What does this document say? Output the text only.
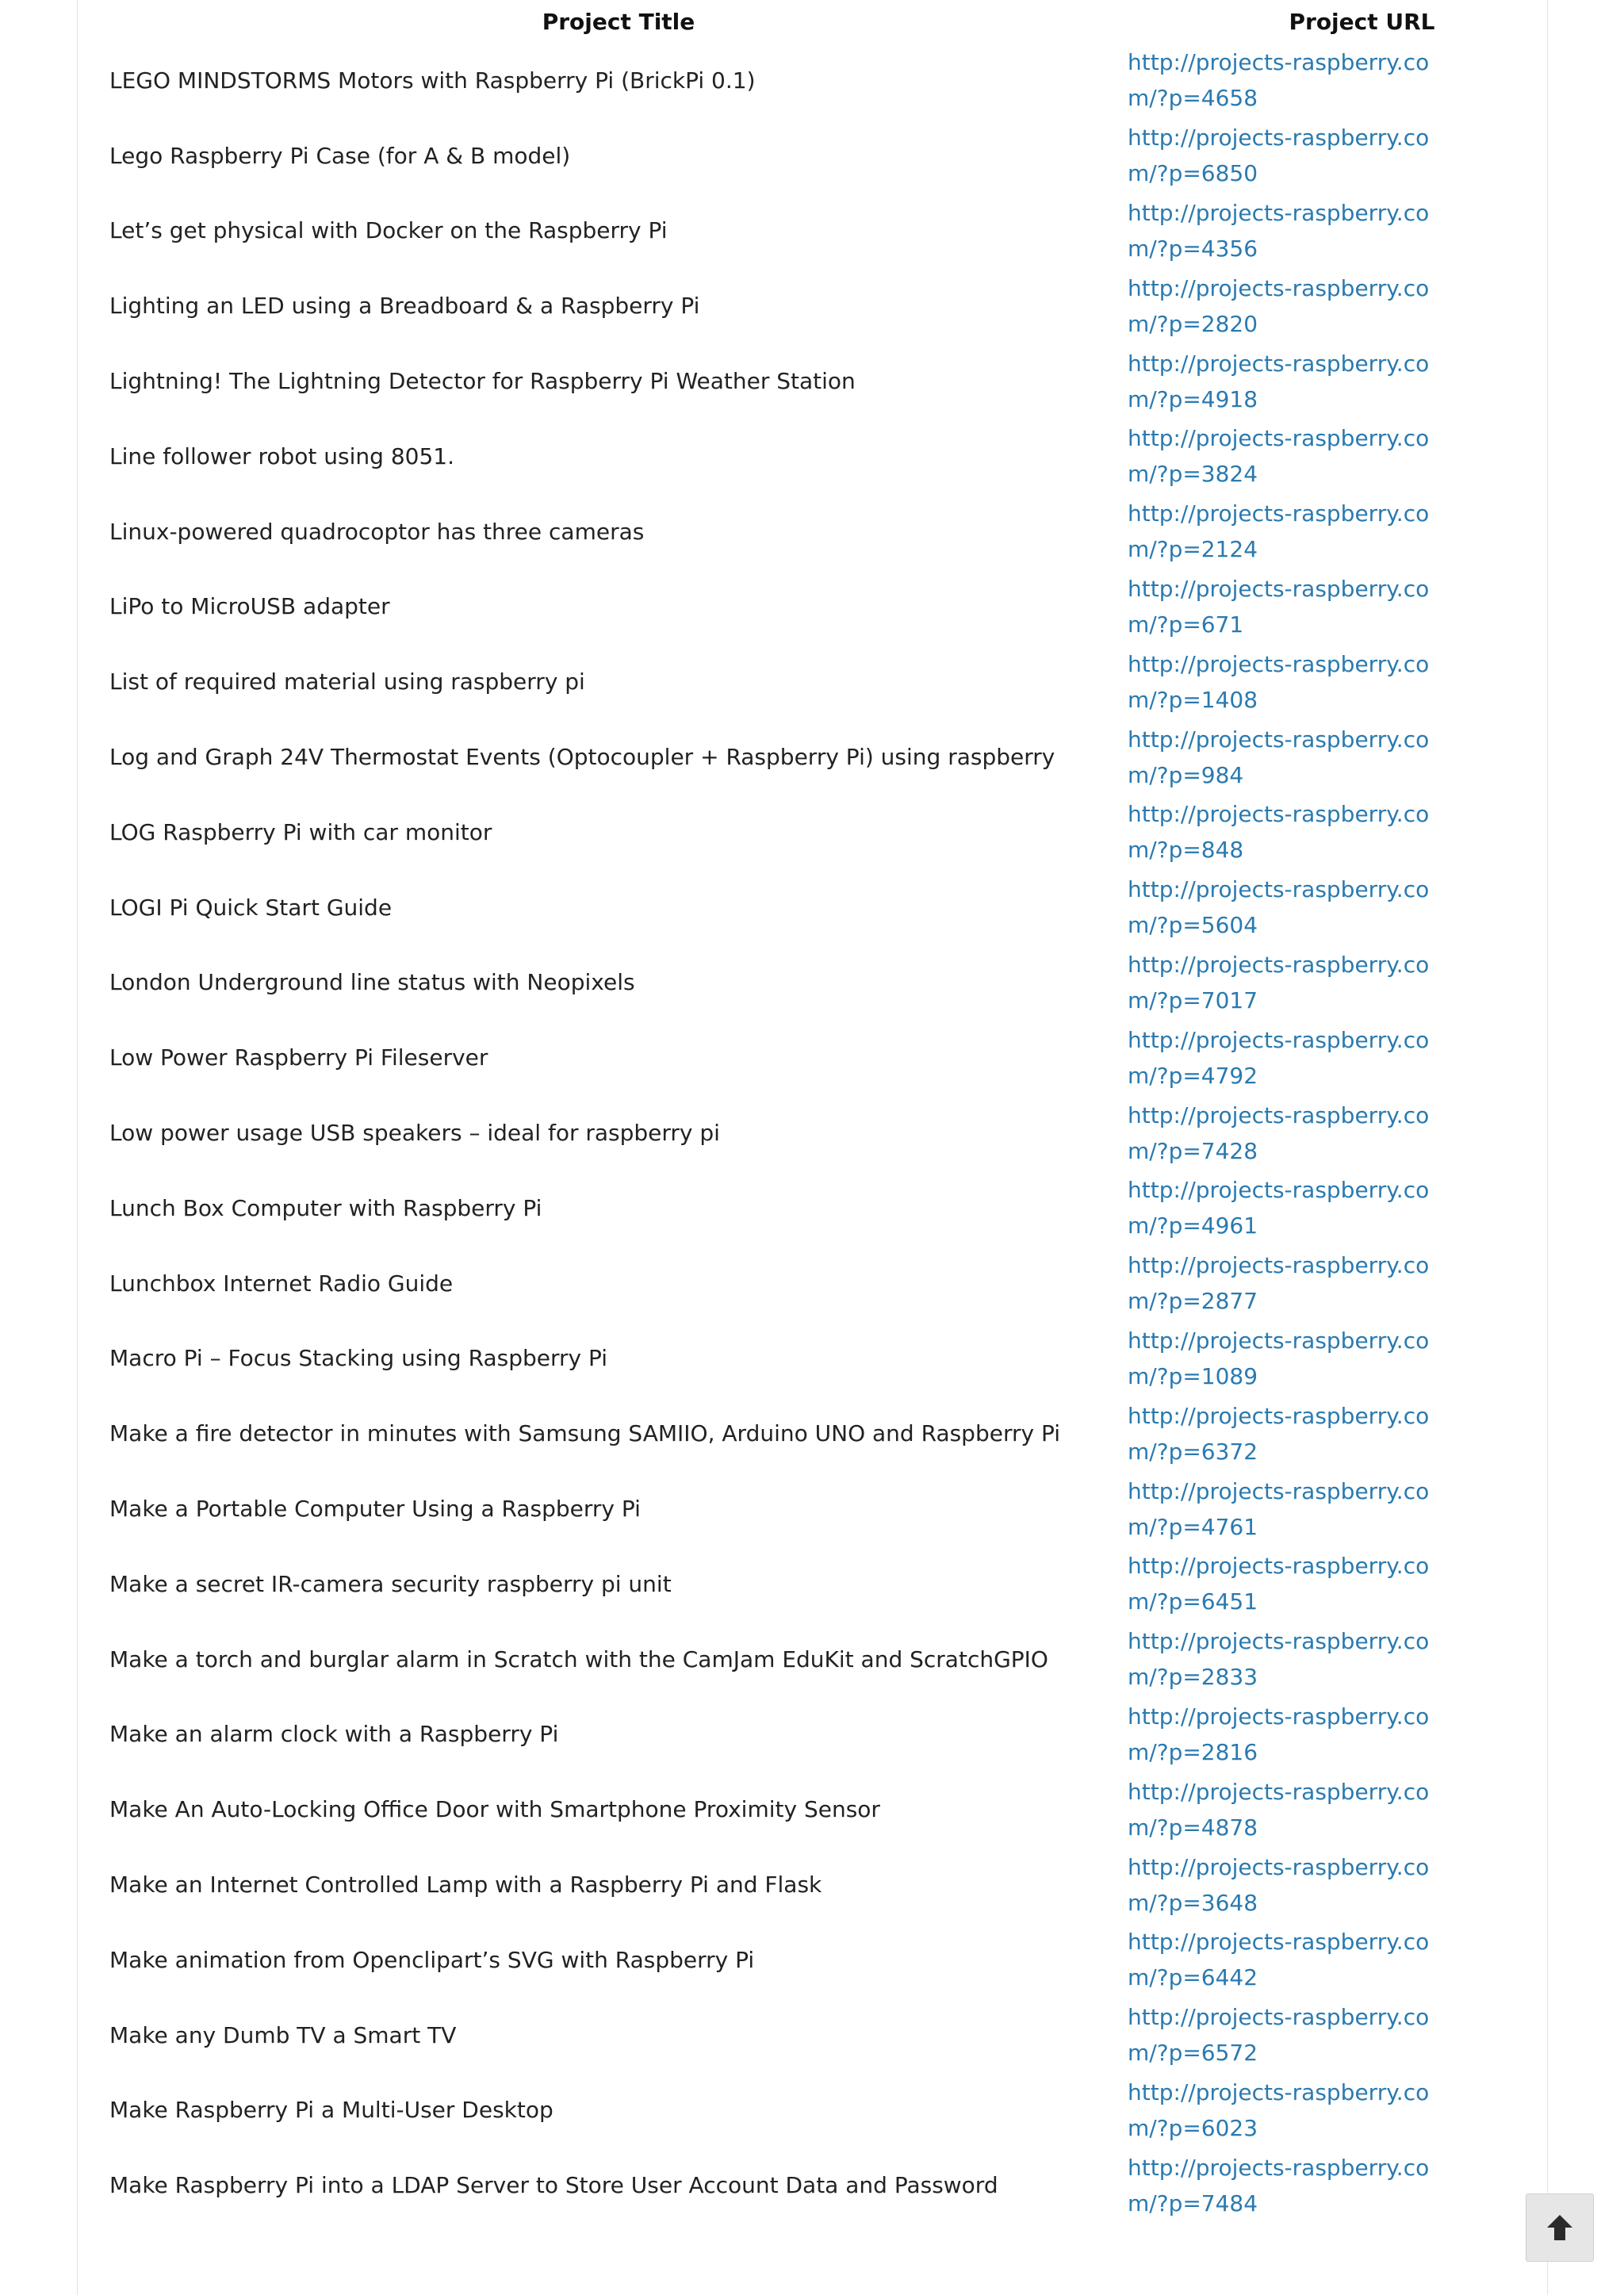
Project Title	Project URL
LEGO MINDSTORMS Motors with Raspberry Pi (BrickPi 0.1)	http://projects-raspberry.com/?p=4658

Lego Raspberry Pi Case (for A & B model)	http://projects-raspberry.com/?p=6850

Let’s get physical with Docker on the Raspberry Pi	http://projects-raspberry.com/?p=4356

Lighting an LED using a Breadboard & a Raspberry Pi	http://projects-raspberry.com/?p=2820

Lightning! The Lightning Detector for Raspberry Pi Weather Station	http://projects-raspberry.com/?p=4918

Line follower robot using 8051.	http://projects-raspberry.com/?p=3824

Linux-powered quadrocoptor has three cameras	http://projects-raspberry.com/?p=2124

LiPo to MicroUSB adapter	http://projects-raspberry.com/?p=671

List of required material using raspberry pi	http://projects-raspberry.com/?p=1408

Log and Graph 24V Thermostat Events (Optocoupler + Raspberry Pi) using raspberry	http://projects-raspberry.com/?p=984

LOG Raspberry Pi with car monitor	http://projects-raspberry.com/?p=848

LOGI Pi Quick Start Guide	http://projects-raspberry.com/?p=5604

London Underground line status with Neopixels	http://projects-raspberry.com/?p=7017

Low Power Raspberry Pi Fileserver	http://projects-raspberry.com/?p=4792

Low power usage USB speakers – ideal for raspberry pi	http://projects-raspberry.com/?p=7428

Lunch Box Computer with Raspberry Pi	http://projects-raspberry.com/?p=4961

Lunchbox Internet Radio Guide	http://projects-raspberry.com/?p=2877

Macro Pi – Focus Stacking using Raspberry Pi	http://projects-raspberry.com/?p=1089

Make a fire detector in minutes with Samsung SAMIIO, Arduino UNO and Raspberry Pi	http://projects-raspberry.com/?p=6372

Make a Portable Computer Using a Raspberry Pi	http://projects-raspberry.com/?p=4761

Make a secret IR-camera security raspberry pi unit	http://projects-raspberry.com/?p=6451

Make a torch and burglar alarm in Scratch with the CamJam EduKit and ScratchGPIO	http://projects-raspberry.com/?p=2833

Make an alarm clock with a Raspberry Pi	http://projects-raspberry.com/?p=2816

Make An Auto-Locking Office Door with Smartphone Proximity Sensor	http://projects-raspberry.com/?p=4878

Make an Internet Controlled Lamp with a Raspberry Pi and Flask	http://projects-raspberry.com/?p=3648

Make animation from Openclipart’s SVG with Raspberry Pi	http://projects-raspberry.com/?p=6442

Make any Dumb TV a Smart TV	http://projects-raspberry.com/?p=6572

Make Raspberry Pi a Multi-User Desktop	http://projects-raspberry.com/?p=6023

Make Raspberry Pi into a LDAP Server to Store User Account Data and Password	http://projects-raspberry.com/?p=7484
